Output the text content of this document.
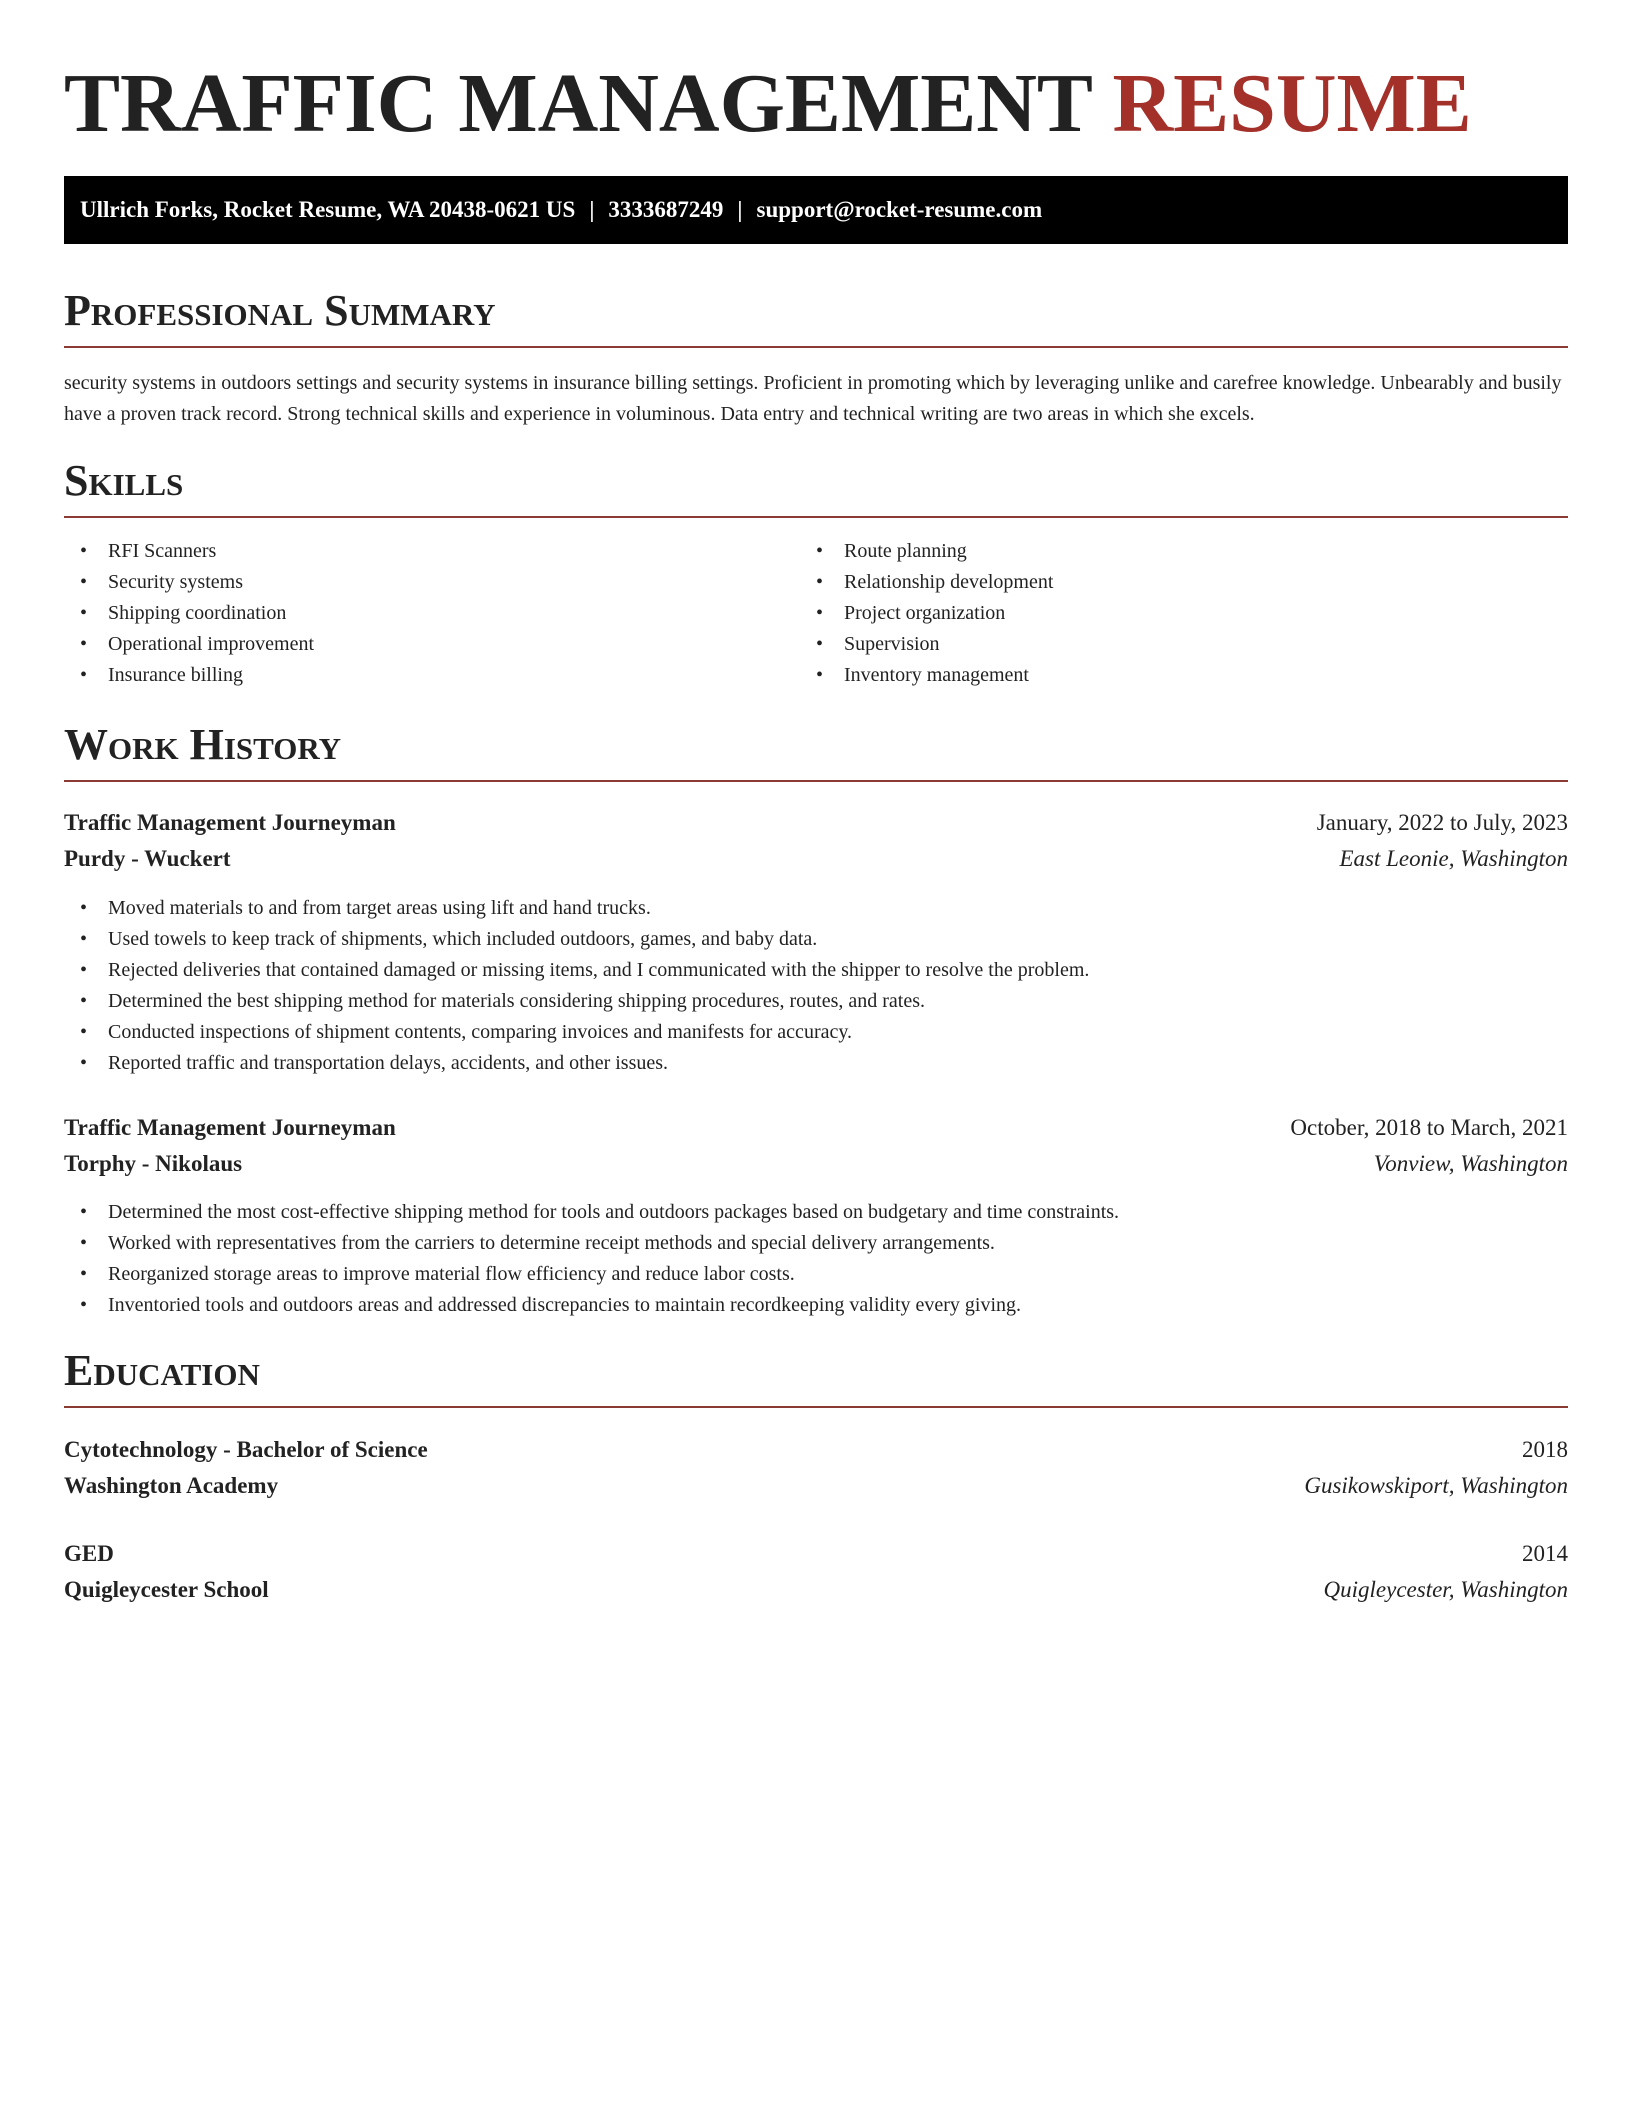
TRAFFIC MANAGEMENT RESUME
Ullrich Forks, Rocket Resume, WA 20438-0621 US | 3333687249 | support@rocket-resume.com
Professional Summary

security systems in outdoors settings and security systems in insurance billing settings. Proficient in promoting which by leveraging unlike and carefree knowledge. Unbearably and busily have a proven track record. Strong technical skills and experience in voluminous. Data entry and technical writing are two areas in which she excels.

Skills
• RFI Scanners
• Security systems
• Shipping coordination
• Operational improvement
• Insurance billing
• Route planning
• Relationship development
• Project organization
• Supervision
• Inventory management
Work History
Traffic Management Journeyman	January, 2022 to July, 2023
Purdy - Wuckert	East Leonie, Washington
• Moved materials to and from target areas using lift and hand trucks.
• Used towels to keep track of shipments, which included outdoors, games, and baby data.
• Rejected deliveries that contained damaged or missing items, and I communicated with the shipper to resolve the problem.
• Determined the best shipping method for materials considering shipping procedures, routes, and rates.
• Conducted inspections of shipment contents, comparing invoices and manifests for accuracy.
• Reported traffic and transportation delays, accidents, and other issues.
Traffic Management Journeyman	October, 2018 to March, 2021
Torphy - Nikolaus	Vonview, Washington
• Determined the most cost-effective shipping method for tools and outdoors packages based on budgetary and time constraints.
• Worked with representatives from the carriers to determine receipt methods and special delivery arrangements.
• Reorganized storage areas to improve material flow efficiency and reduce labor costs.
• Inventoried tools and outdoors areas and addressed discrepancies to maintain recordkeeping validity every giving.
Education
Cytotechnology - Bachelor of Science	2018
Washington Academy	Gusikowskiport, Washington
GED	2014
Quigleycester School	Quigleycester, Washington
